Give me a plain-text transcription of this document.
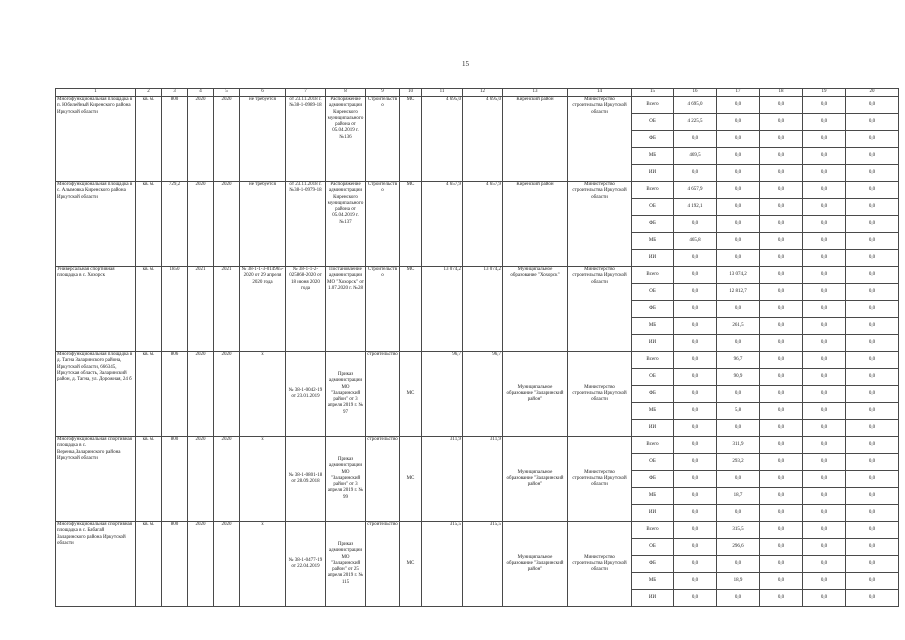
15
1	2	3	4	5	6	7	8	9	10	11	12	13	14	15	16	17	18	19	20
Многофункциональная площадка в п. Юбилейный Киренского района Иркутской области	кв. м.	800	2020	2020	не требуется	от 23.11.2018 г. №38-1-0989-18	Распоряжение администрации Киренского муниципального района от 05.04.2019 г. №136	Строительство	МС	4 695,0	4 695,0	Киренский район	Министерство строительства Иркутской области	Всего	4 695,0	0,0	0,0	0,0	0,0
														ОБ	4 225,5	0,0	0,0	0,0	0,0
														ФБ	0,0	0,0	0,0	0,0	0,0
														МБ	469,5	0,0	0,0	0,0	0,0
														ИИ	0,0	0,0	0,0	0,0	0,0
Многофункциональная площадка в с. Алымовка Киренского района Иркутской области	кв. м.	729,2	2020	2020	не требуется	от 23.11.2018 г. №38-1-0979-18	Распоряжение администрации Киренского муниципального района от 05.04.2019 г. №137	Строительство	МС	4 657,9	4 657,9	Киренский район	Министерство строительства Иркутской области	Всего	4 657,9	0,0	0,0	0,0	0,0
														ОБ	4 192,1	0,0	0,0	0,0	0,0
														ФБ	0,0	0,0	0,0	0,0	0,0
														МБ	465,8	0,0	0,0	0,0	0,0
														ИИ	0,0	0,0	0,0	0,0	0,0
Универсальная спортивная площадка в с. Хохорск	кв. м.	1850	2021	2021	№ 38-1-1-3-014965-2020 от 29 апреля 2020 года	№ 38-1-1-2-025868-2020 от 18 июня 2020 года	Постановление администрации МО "Хохорск" от 1.07.2020 г. №28	Строительство	МС	13 074,2	13 074,2	Муниципальное образование "Хохорск"	Министерство строительства Иркутской области	Всего	0,0	13 074,2	0,0	0,0	0,0
														ОБ	0,0	12 812,7	0,0	0,0	0,0
														ФБ	0,0	0,0	0,0	0,0	0,0
														МБ	0,0	261,5	0,0	0,0	0,0
														ИИ	0,0	0,0	0,0	0,0	0,0
Многофункциональная площадка в д. Тагна Заларинского района, Иркутской области, 666345, Иркутская область, Заларинский район, д. Тагна, ул. Дорожная, 24 б	кв. м.	806	2020	2020	х	№ 38-1-0042-19 от 23.01.2019	Приказ администрации МО "Заларинский район" от 3 апреля 2019 г. № 97	строительство	МС	96,7	96,7	Муниципальное образование "Заларинский район"	Министерство строительства Иркутской области	Всего	0,0	96,7	0,0	0,0	0,0
														ОБ	0,0	90,9	0,0	0,0	0,0
														ФБ	0,0	0,0	0,0	0,0	0,0
														МБ	0,0	5,8	0,0	0,0	0,0
														ИИ	0,0	0,0	0,0	0,0	0,0
Многофункциональная спортивная площадка в с. Веренка,Заларинского района Иркутской области	кв. м.	800	2020	2020	х	№ 38-1-0801-18 от 28.09.2018	Приказ администрации МО "Заларинский район" от 3 апреля 2019 г. № 99	строительство	МС	311,9	311,9	Муниципальное образование "Заларинский район"	Министерство строительства Иркутской области	Всего	0,0	311,9	0,0	0,0	0,0
														ОБ	0,0	293,2	0,0	0,0	0,0
														ФБ	0,0	0,0	0,0	0,0	0,0
														МБ	0,0	18,7	0,0	0,0	0,0
														ИИ	0,0	0,0	0,0	0,0	0,0
Многофункциональная спортивная площадка в с. Бабагай Заларинского района Иркутской области	кв. м.	800	2020	2020	х	№ 38-1-0477-19 от 22.04.2019	Приказ администрации МО "Заларинский район" от 25 апреля 2019 г. № 115	строительство	МС	315,5	315,5	Муниципальное образование "Заларинский район"	Министерство строительства Иркутской области	Всего	0,0	315,5	0,0	0,0	0,0
														ОБ	0,0	296,6	0,0	0,0	0,0
														ФБ	0,0	0,0	0,0	0,0	0,0
														МБ	0,0	18,9	0,0	0,0	0,0
														ИИ	0,0	0,0	0,0	0,0	0,0
